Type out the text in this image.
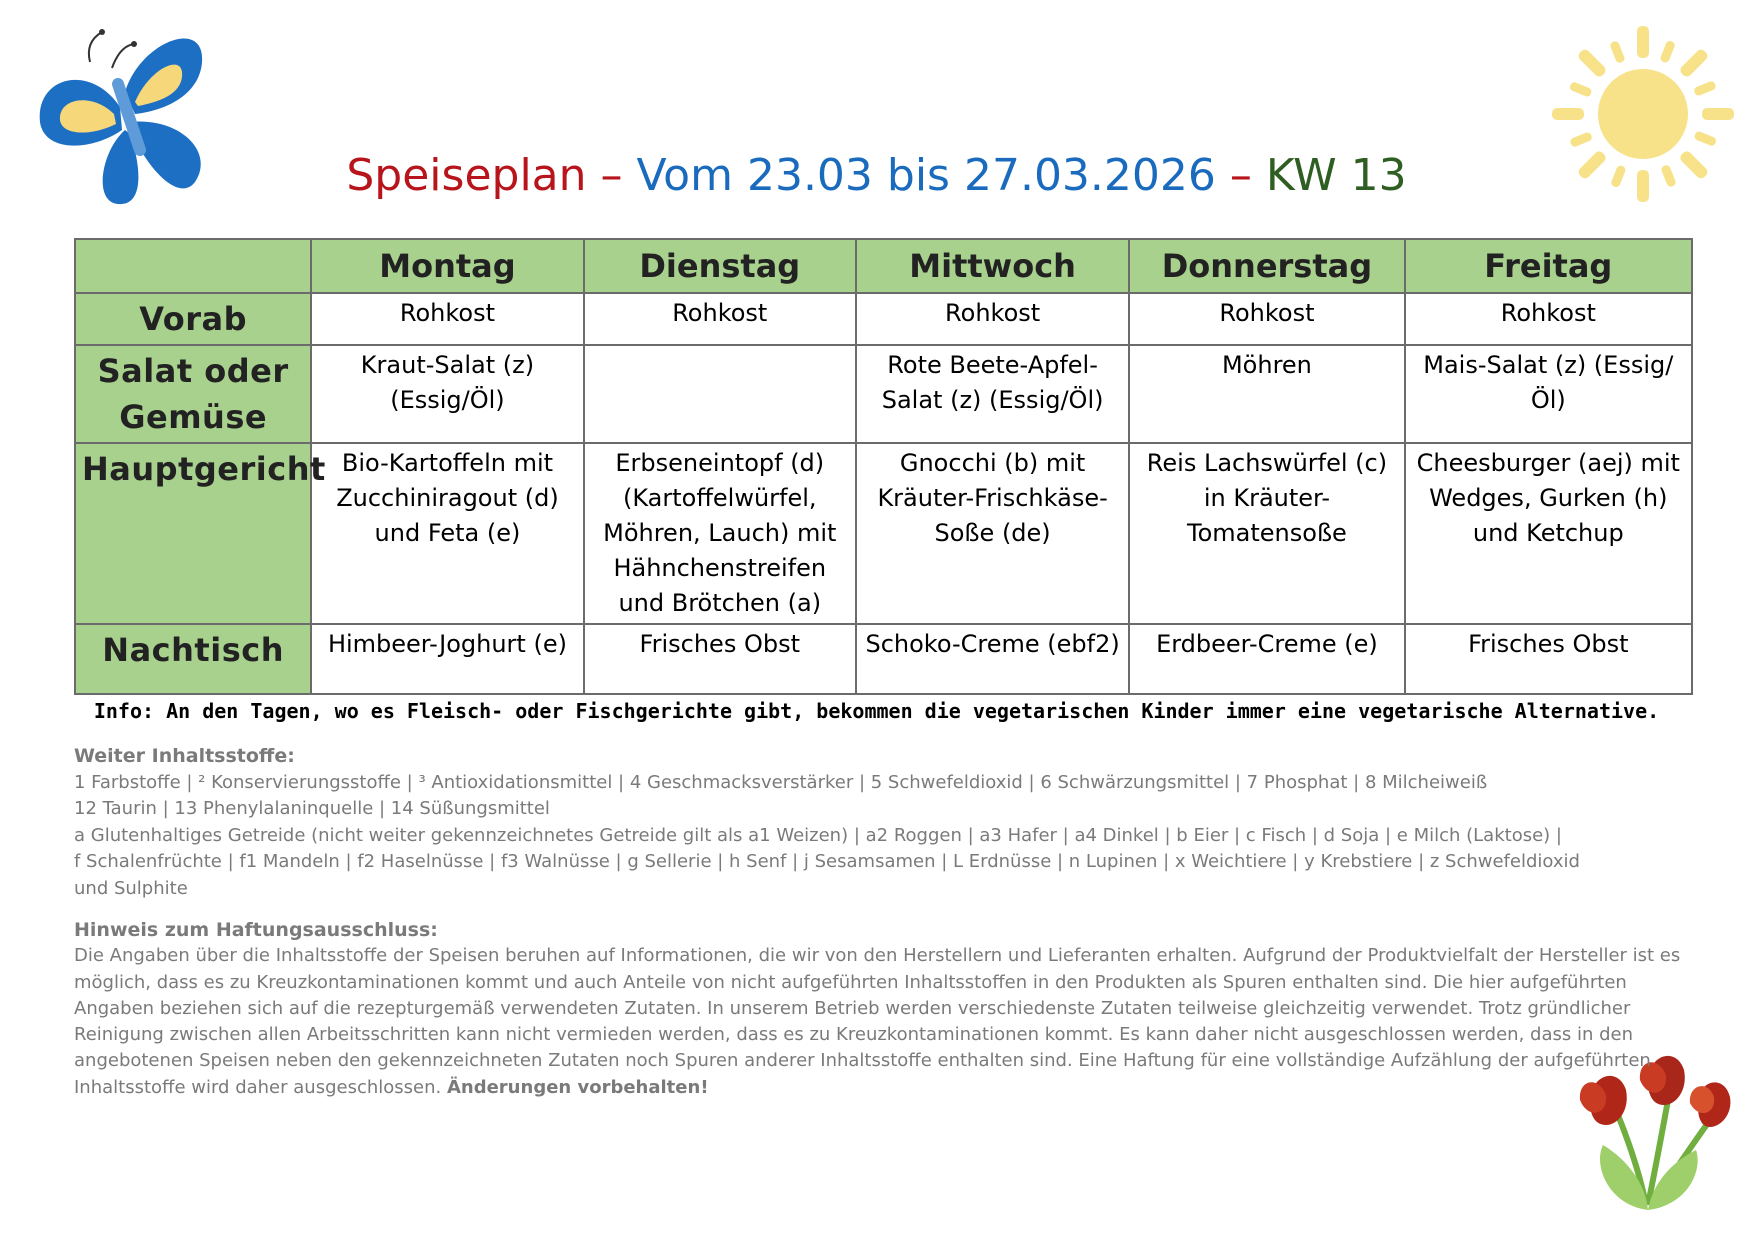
Speiseplan – Vom 23.03 bis 27.03.2026 – KW 13
	Montag	Dienstag	Mittwoch	Donnerstag	Freitag
Vorab	Rohkost	Rohkost	Rohkost	Rohkost	Rohkost
Salat oder Gemüse	Kraut-Salat (z) (Essig/Öl)		Rote Beete-Apfel-Salat (z) (Essig/Öl)	Möhren	Mais-Salat (z) (Essig/Öl)
Hauptgericht	Bio-Kartoffeln mit Zucchiniragout (d) und Feta (e)	Erbseneintopf (d) (Kartoffelwürfel, Möhren, Lauch) mit Hähnchenstreifen und Brötchen (a)	Gnocchi (b) mit Kräuter-Frischkäse-Soße (de)	Reis Lachswürfel (c) in Kräuter-Tomatensoße	Cheesburger (aej) mit Wedges, Gurken (h) und Ketchup
Nachtisch	Himbeer-Joghurt (e)	Frisches Obst	Schoko-Creme (ebf2)	Erdbeer-Creme (e)	Frisches Obst
Info: An den Tagen, wo es Fleisch- oder Fischgerichte gibt, bekommen die vegetarischen Kinder immer eine vegetarische Alternative.
Weiter Inhaltsstoffe:
1 Farbstoffe | ² Konservierungsstoffe | ³ Antioxidationsmittel | 4 Geschmacksverstärker | 5 Schwefeldioxid | 6 Schwärzungsmittel | 7 Phosphat | 8 Milcheiweiß
12 Taurin | 13 Phenylalaninquelle | 14 Süßungsmittel
a Glutenhaltiges Getreide (nicht weiter gekennzeichnetes Getreide gilt als a1 Weizen) | a2 Roggen | a3 Hafer | a4 Dinkel | b Eier | c Fisch | d Soja | e Milch (Laktose) |
f Schalenfrüchte | f1 Mandeln | f2 Haselnüsse | f3 Walnüsse | g Sellerie | h Senf | j Sesamsamen | L Erdnüsse | n Lupinen | x Weichtiere | y Krebstiere | z Schwefeldioxid
und Sulphite
Hinweis zum Haftungsausschluss:
Die Angaben über die Inhaltsstoffe der Speisen beruhen auf Informationen, die wir von den Herstellern und Lieferanten erhalten. Aufgrund der Produktvielfalt der Hersteller ist es möglich, dass es zu Kreuzkontaminationen kommt und auch Anteile von nicht aufgeführten Inhaltsstoffen in den Produkten als Spuren enthalten sind. Die hier aufgeführten Angaben beziehen sich auf die rezepturgemäß verwendeten Zutaten. In unserem Betrieb werden verschiedenste Zutaten teilweise gleichzeitig verwendet. Trotz gründlicher Reinigung zwischen allen Arbeitsschritten kann nicht vermieden werden, dass es zu Kreuzkontaminationen kommt. Es kann daher nicht ausgeschlossen werden, dass in den angebotenen Speisen neben den gekennzeichneten Zutaten noch Spuren anderer Inhaltsstoffe enthalten sind. Eine Haftung für eine vollständige Aufzählung der aufgeführten Inhaltsstoffe wird daher ausgeschlossen. Änderungen vorbehalten!
